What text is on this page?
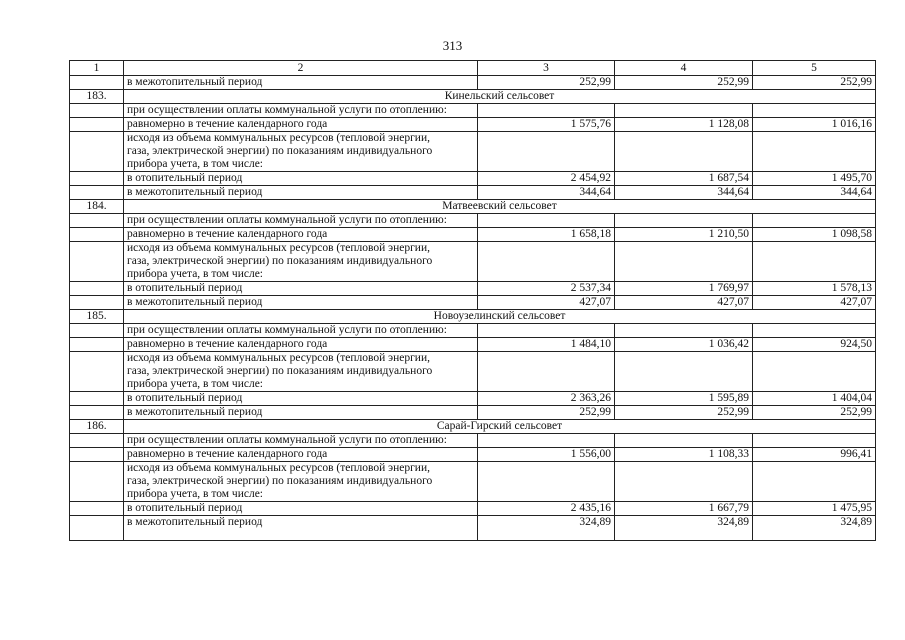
313
1	2	3	4	5
	в межотопительный период	252,99	252,99	252,99
183.	Кинельский сельсовет			
	при осуществлении оплаты коммунальной услуги по отоплению:			
	равномерно в течение календарного года	1 575,76	1 128,08	1 016,16

	исходя из объема коммунальных ресурсов (тепловой энергии,
газа, электрической энергии) по показаниям индивидуального
прибора учета, в том числе:			

	в отопительный период	2 454,92	1 687,54	1 495,70
	в межотопительный период	344,64	344,64	344,64
184.	Матвеевский сельсовет			
	при осуществлении оплаты коммунальной услуги по отоплению:			
	равномерно в течение календарного года	1 658,18	1 210,50	1 098,58

	исходя из объема коммунальных ресурсов (тепловой энергии,
газа, электрической энергии) по показаниям индивидуального
прибора учета, в том числе:			

	в отопительный период	2 537,34	1 769,97	1 578,13
	в межотопительный период	427,07	427,07	427,07
185.	Новоузелинский сельсовет			
	при осуществлении оплаты коммунальной услуги по отоплению:			
	равномерно в течение календарного года	1 484,10	1 036,42	924,50

	исходя из объема коммунальных ресурсов (тепловой энергии,
газа, электрической энергии) по показаниям индивидуального
прибора учета, в том числе:			

	в отопительный период	2 363,26	1 595,89	1 404,04
	в межотопительный период	252,99	252,99	252,99
186.	Сарай-Гирский сельсовет			
	при осуществлении оплаты коммунальной услуги по отоплению:			
	равномерно в течение календарного года	1 556,00	1 108,33	996,41

	исходя из объема коммунальных ресурсов (тепловой энергии,
газа, электрической энергии) по показаниям индивидуального
прибора учета, в том числе:			

	в отопительный период	2 435,16	1 667,79	1 475,95
	в межотопительный период	324,89	324,89	324,89
